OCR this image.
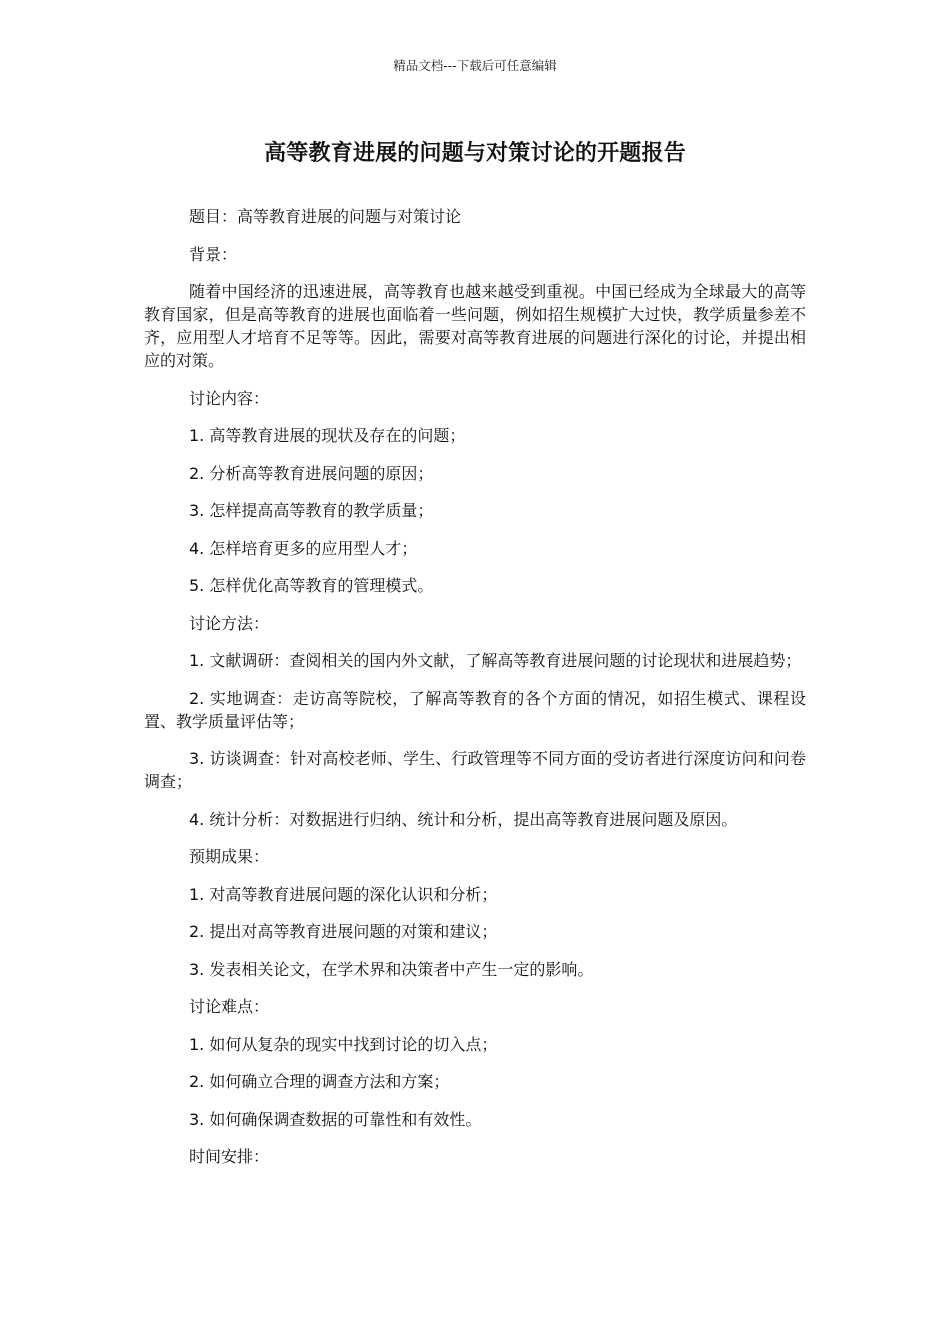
精品文档---下载后可任意编辑
高等教育进展的问题与对策讨论的开题报告

题目：高等教育进展的问题与对策讨论

背景：

随着中国经济的迅速进展，高等教育也越来越受到重视。中国已经成为全球最大的高等教育国家，但是高等教育的进展也面临着一些问题，例如招生规模扩大过快，教学质量参差不齐，应用型人才培育不足等等。因此，需要对高等教育进展的问题进行深化的讨论，并提出相应的对策。

讨论内容：

1. 高等教育进展的现状及存在的问题；

2. 分析高等教育进展问题的原因；

3. 怎样提高高等教育的教学质量；

4. 怎样培育更多的应用型人才；

5. 怎样优化高等教育的管理模式。

讨论方法：

1. 文献调研：查阅相关的国内外文献，了解高等教育进展问题的讨论现状和进展趋势；

2. 实地调查：走访高等院校，了解高等教育的各个方面的情况，如招生模式、课程设置、教学质量评估等；

3. 访谈调查：针对高校老师、学生、行政管理等不同方面的受访者进行深度访问和问卷调查；

4. 统计分析：对数据进行归纳、统计和分析，提出高等教育进展问题及原因。

预期成果：

1. 对高等教育进展问题的深化认识和分析；

2. 提出对高等教育进展问题的对策和建议；

3. 发表相关论文，在学术界和决策者中产生一定的影响。

讨论难点：

1. 如何从复杂的现实中找到讨论的切入点；

2. 如何确立合理的调查方法和方案；

3. 如何确保调查数据的可靠性和有效性。

时间安排：
